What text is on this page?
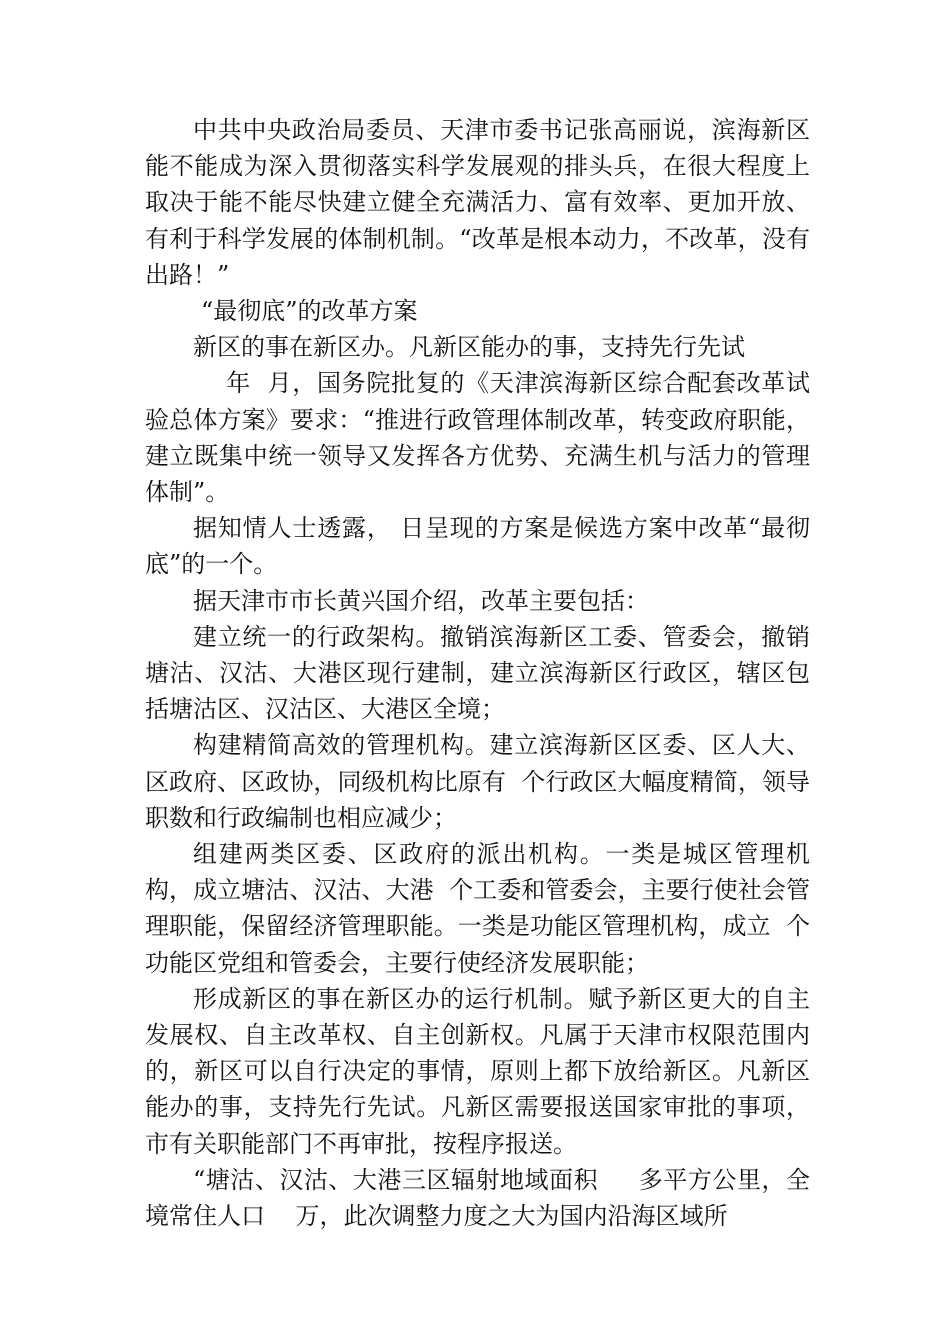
中共中央政治局委员、天津市委书记张高丽说，滨海新区能不能成为深入贯彻落实科学发展观的排头兵，在很大程度上取决于能不能尽快建立健全充满活力、富有效率、更加开放、有利于科学发展的体制机制。“改革是根本动力，不改革，没有出路！”

“最彻底”的改革方案

新区的事在新区办。凡新区能办的事，支持先行先试

年  月，国务院批复的《天津滨海新区综合配套改革试验总体方案》要求：“推进行政管理体制改革，转变政府职能，建立既集中统一领导又发挥各方优势、充满生机与活力的管理体制”。

据知情人士透露， 日呈现的方案是候选方案中改革“最彻底”的一个。

据天津市市长黄兴国介绍，改革主要包括：

建立统一的行政架构。撤销滨海新区工委、管委会，撤销塘沽、汉沽、大港区现行建制，建立滨海新区行政区，辖区包括塘沽区、汉沽区、大港区全境；

构建精简高效的管理机构。建立滨海新区区委、区人大、区政府、区政协，同级机构比原有  个行政区大幅度精简，领导职数和行政编制也相应减少；

组建两类区委、区政府的派出机构。一类是城区管理机构，成立塘沽、汉沽、大港  个工委和管委会，主要行使社会管理职能，保留经济管理职能。一类是功能区管理机构，成立  个功能区党组和管委会，主要行使经济发展职能；

形成新区的事在新区办的运行机制。赋予新区更大的自主发展权、自主改革权、自主创新权。凡属于天津市权限范围内的，新区可以自行决定的事情，原则上都下放给新区。凡新区能办的事，支持先行先试。凡新区需要报送国家审批的事项，市有关职能部门不再审批，按程序报送。

“塘沽、汉沽、大港三区辐射地域面积     多平方公里，全境常住人口    万，此次调整力度之大为国内沿海区域所
